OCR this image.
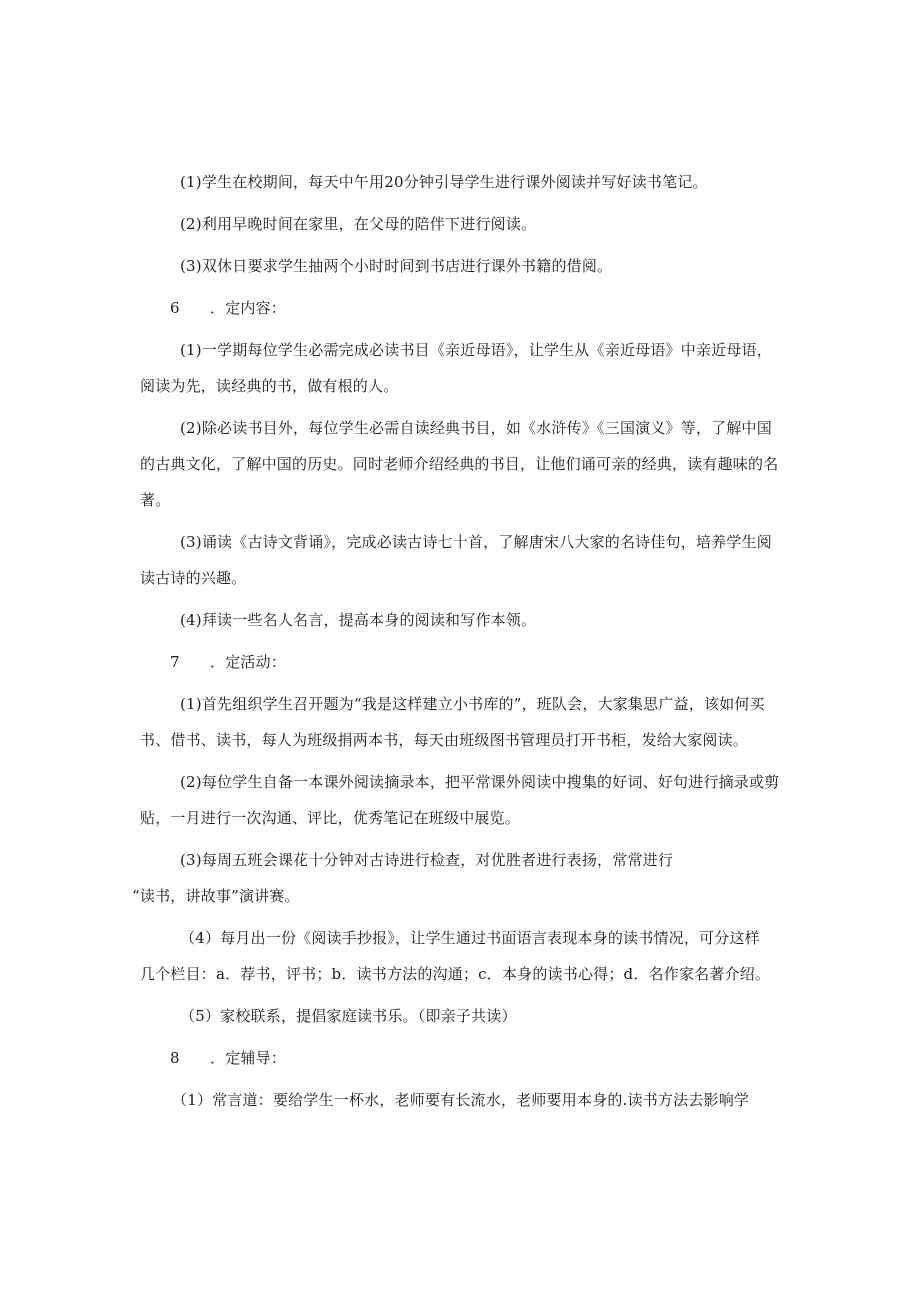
(1)学生在校期间，每天中午用20分钟引导学生进行课外阅读并写好读书笔记。
(2)利用早晚时间在家里，在父母的陪伴下进行阅读。
(3)双休日要求学生抽两个小时时间到书店进行课外书籍的借阅。
6	．定内容：
(1)一学期每位学生必需完成必读书目《亲近母语》，让学生从《亲近母语》中亲近母语，
阅读为先，读经典的书，做有根的人。
(2)除必读书目外，每位学生必需自读经典书目，如《水浒传》《三国演义》等，了解中国
的古典文化，了解中国的历史。同时老师介绍经典的书目，让他们诵可亲的经典，读有趣味的名
著。
(3)诵读《古诗文背诵》，完成必读古诗七十首，了解唐宋八大家的名诗佳句，培养学生阅
读古诗的兴趣。
(4)拜读一些名人名言，提高本身的阅读和写作本领。
7	．定活动：
(1)首先组织学生召开题为“我是这样建立小书库的”，班队会，大家集思广益，该如何买
书、借书、读书，每人为班级捐两本书，每天由班级图书管理员打开书柜，发给大家阅读。
(2)每位学生自备一本课外阅读摘录本，把平常课外阅读中搜集的好词、好句进行摘录或剪
贴，一月进行一次沟通、评比，优秀笔记在班级中展览。
(3)每周五班会课花十分钟对古诗进行检查，对优胜者进行表扬，常常进行
“读书，讲故事”演讲赛。
（4）每月出一份《阅读手抄报》，让学生通过书面语言表现本身的读书情况，可分这样
几个栏目：a．荐书，评书；b．读书方法的沟通；c．本身的读书心得；d．名作家名著介绍。
（5）家校联系，提倡家庭读书乐。（即亲子共读）
8	．定辅导：
（1）常言道：要给学生一杯水，老师要有长流水，老师要用本身的.读书方法去影响学
